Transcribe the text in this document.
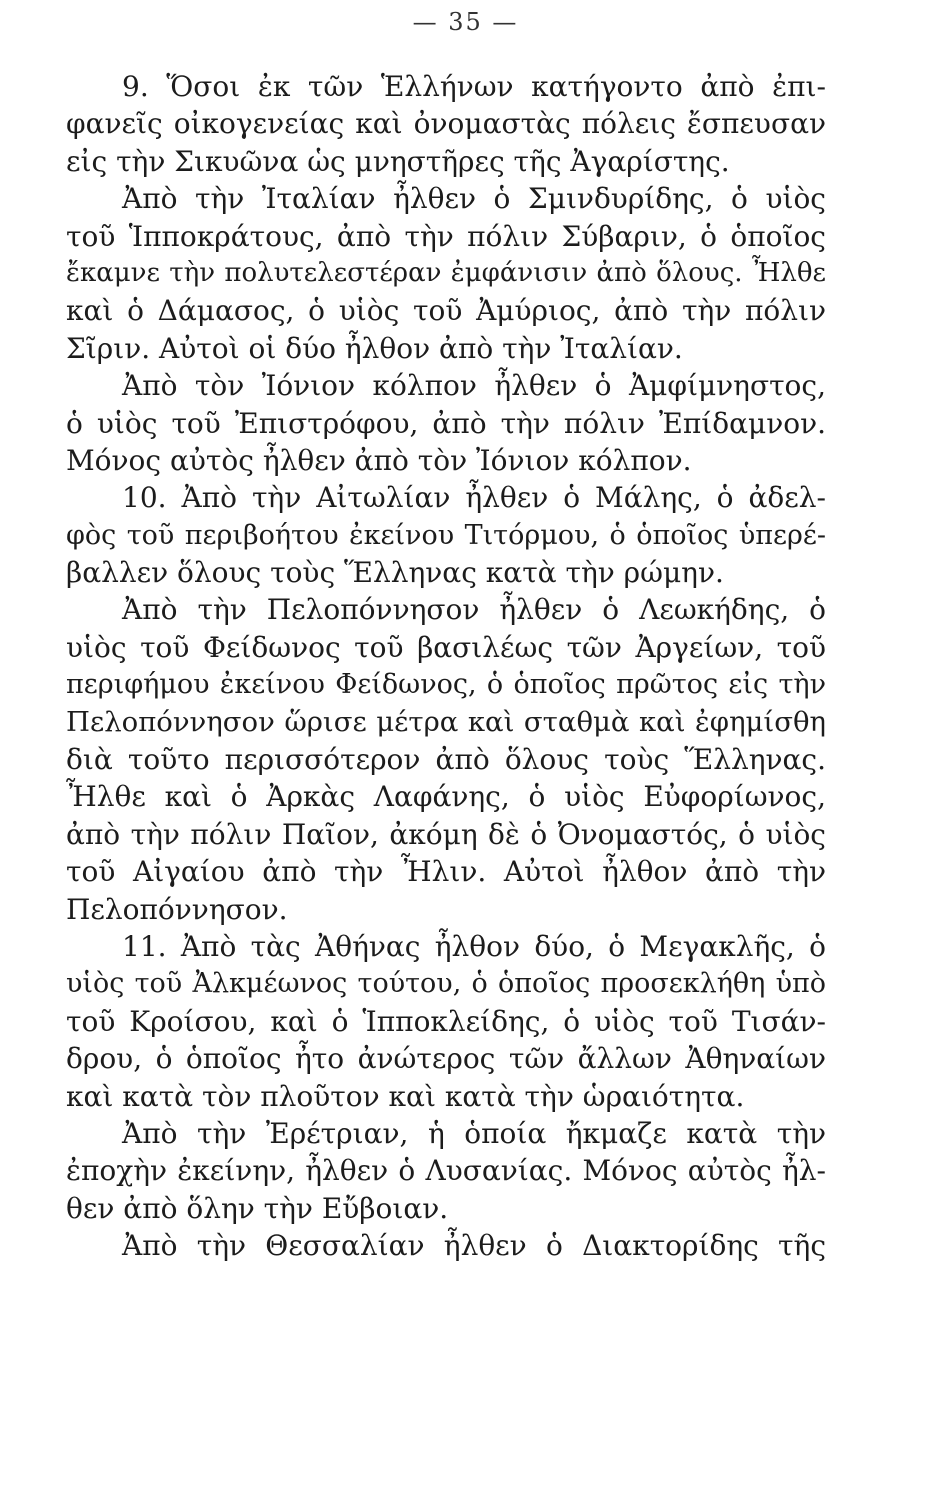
— 35 —
9. Ὅσοι ἐκ τῶν Ἑλλήνων κατήγοντο ἀπὸ ἐπι-
φανεῖς οἰκογενείας καὶ ὀνομαστὰς πόλεις ἔσπευσαν
εἰς τὴν Σικυῶνα ὡς μνηστῆρες τῆς Ἀγαρίστης.
Ἀπὸ τὴν Ἰταλίαν ἦλθεν ὁ Σμινδυρίδης, ὁ υἱὸς
τοῦ Ἱπποκράτους, ἀπὸ τὴν πόλιν Σύβαριν, ὁ ὁποῖος
ἔκαμνε τὴν πολυτελεστέραν ἐμφάνισιν ἀπὸ ὅλους. Ἦλθε
καὶ ὁ Δάμασος, ὁ υἱὸς τοῦ Ἀμύριος, ἀπὸ τὴν πόλιν
Σῖριν. Αὐτοὶ οἱ δύο ἦλθον ἀπὸ τὴν Ἰταλίαν.
Ἀπὸ τὸν Ἰόνιον κόλπον ἦλθεν ὁ Ἀμφίμνηστος,
ὁ υἱὸς τοῦ Ἐπιστρόφου, ἀπὸ τὴν πόλιν Ἐπίδαμνον.
Μόνος αὐτὸς ἦλθεν ἀπὸ τὸν Ἰόνιον κόλπον.
10. Ἀπὸ τὴν Αἰτωλίαν ἦλθεν ὁ Μάλης, ὁ ἀδελ-
φὸς τοῦ περιβοήτου ἐκείνου Τιτόρμου, ὁ ὁποῖος ὑπερέ-
βαλλεν ὅλους τοὺς Ἕλληνας κατὰ τὴν ρώμην.
Ἀπὸ τὴν Πελοπόννησον ἦλθεν ὁ Λεωκήδης, ὁ
υἱὸς τοῦ Φείδωνος τοῦ βασιλέως τῶν Ἀργείων, τοῦ
περιφήμου ἐκείνου Φείδωνος, ὁ ὁποῖος πρῶτος εἰς τὴν
Πελοπόννησον ὥρισε μέτρα καὶ σταθμὰ καὶ ἐφημίσθη
διὰ τοῦτο περισσότερον ἀπὸ ὅλους τοὺς Ἕλληνας.
Ἦλθε καὶ ὁ Ἀρκὰς Λαφάνης, ὁ υἱὸς Εὐφορίωνος,
ἀπὸ τὴν πόλιν Παῖον, ἀκόμη δὲ ὁ Ὀνομαστός, ὁ υἱὸς
τοῦ Αἰγαίου ἀπὸ τὴν Ἦλιν. Αὐτοὶ ἦλθον ἀπὸ τὴν
Πελοπόννησον.
11. Ἀπὸ τὰς Ἀθήνας ἦλθον δύο, ὁ Μεγακλῆς, ὁ
υἱὸς τοῦ Ἀλκμέωνος τούτου, ὁ ὁποῖος προσεκλήθη ὑπὸ
τοῦ Κροίσου, καὶ ὁ Ἱπποκλείδης, ὁ υἱὸς τοῦ Τισάν-
δρου, ὁ ὁποῖος ἦτο ἀνώτερος τῶν ἄλλων Ἀθηναίων
καὶ κατὰ τὸν πλοῦτον καὶ κατὰ τὴν ὡραιότητα.
Ἀπὸ τὴν Ἐρέτριαν, ἡ ὁποία ἤκμαζε κατὰ τὴν
ἐποχὴν ἐκείνην, ἦλθεν ὁ Λυσανίας. Μόνος αὐτὸς ἦλ-
θεν ἀπὸ ὅλην τὴν Εὔβοιαν.
Ἀπὸ τὴν Θεσσαλίαν ἦλθεν ὁ Διακτορίδης τῆς
